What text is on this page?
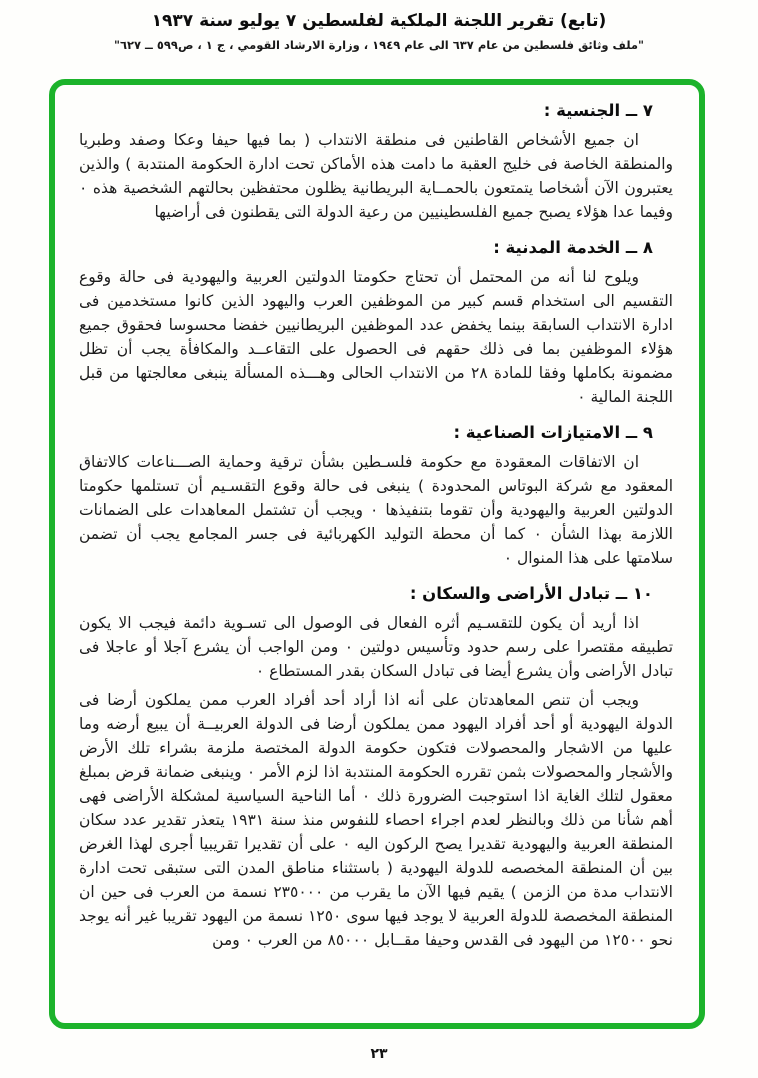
(تابع) تقرير اللجنة الملكية لفلسطين ٧ يوليو سنة ١٩٣٧
"ملف وثائق فلسطين من عام ٦٣٧ الى عام ١٩٤٩ ، وزارة الارشاد القومي ، ج ١ ، ص٥٩٩ ــ ٦٢٧"
٧ ــ الجنسية :

ان جميع الأشخاص القاطنين فى منطقة الانتداب ( بما فيها حيفا وعكا وصفد وطبريا والمنطقة الخاصة فى خليج العقبة ما دامت هذه الأماكن تحت ادارة الحكومة المنتدبة ) والذين يعتبرون الآن أشخاصا يتمتعون بالحمــاية البريطانية يظلون محتفظين بحالتهم الشخصية هذه ٠ وفيما عدا هؤلاء يصبح جميع الفلسطينيين من رعية الدولة التى يقطنون فى أراضيها

٨ ــ الخدمة المدنية :

ويلوح لنا أنه من المحتمل أن تحتاج حكومتا الدولتين العربية واليهودية فى حالة وقوع التقسيم الى استخدام قسم كبير من الموظفين العرب واليهود الذين كانوا مستخدمين فى ادارة الانتداب السابقة بينما يخفض عدد الموظفين البريطانيين خفضا محسوسا فحقوق جميع هؤلاء الموظفين بما فى ذلك حقهم فى الحصول على التقاعــد والمكافأة يجب أن تظل مضمونة بكاملها وفقا للمادة ٢٨ من الانتداب الحالى وهـــذه المسألة ينبغى معالجتها من قبل اللجنة المالية ٠

٩ ــ الامتيازات الصناعية :

ان الاتفاقات المعقودة مع حكومة فلسـطين بشأن ترقية وحماية الصـــناعات كالاتفاق المعقود مع شركة البوتاس المحدودة ) ينبغى فى حالة وقوع التقسـيم أن تستلمها حكومتا الدولتين العربية واليهودية وأن تقوما بتنفيذها ٠ ويجب أن تشتمل المعاهدات على الضمانات اللازمة بهذا الشأن ٠ كما أن محطة التوليد الكهربائية فى جسر المجامع يجب أن تضمن سلامتها على هذا المنوال ٠

١٠ ــ تبادل الأراضى والسكان :

اذا أريد أن يكون للتقسـيم أثره الفعال فى الوصول الى تسـوية دائمة فيجب الا يكون تطبيقه مقتصرا على رسم حدود وتأسيس دولتين ٠ ومن الواجب أن يشرع آجلا أو عاجلا فى تبادل الأراضى وأن يشرع أيضا فى تبادل السكان بقدر المستطاع ٠

ويجب أن تنص المعاهدتان على أنه اذا أراد أحد أفراد العرب ممن يملكون أرضا فى الدولة اليهودية أو أحد أفراد اليهود ممن يملكون أرضا فى الدولة العربيــة أن يبيع أرضه وما عليها من الاشجار والمحصولات فتكون حكومة الدولة المختصة ملزمة بشراء تلك الأرض والأشجار والمحصولات بثمن تقرره الحكومة المنتدبة اذا لزم الأمر ٠ وينبغى ضمانة قرض بمبلغ معقول لتلك الغاية اذا استوجبت الضرورة ذلك ٠ أما الناحية السياسية لمشكلة الأراضى فهى أهم شأنا من ذلك وبالنظر لعدم اجراء احصاء للنفوس منذ سنة ١٩٣١ يتعذر تقدير عدد سكان المنطقة العربية واليهودية تقديرا يصح الركون اليه ٠ على أن تقديرا تقريبيا أجرى لهذا الغرض بين أن المنطقة المخصصه للدولة اليهودية ( باستثناء مناطق المدن التى ستبقى تحت ادارة الانتداب مدة من الزمن ) يقيم فيها الآن ما يقرب من ٢٣٥٠٠٠ نسمة من العرب فى حين ان المنطقة المخصصة للدولة العربية لا يوجد فيها سوى ١٢٥٠ نسمة من اليهود تقريبا غير أنه يوجد نحو ١٢٥٠٠ من اليهود فى القدس وحيفا مقــابل ٨٥٠٠٠ من العرب ٠ ومن

٢٣
